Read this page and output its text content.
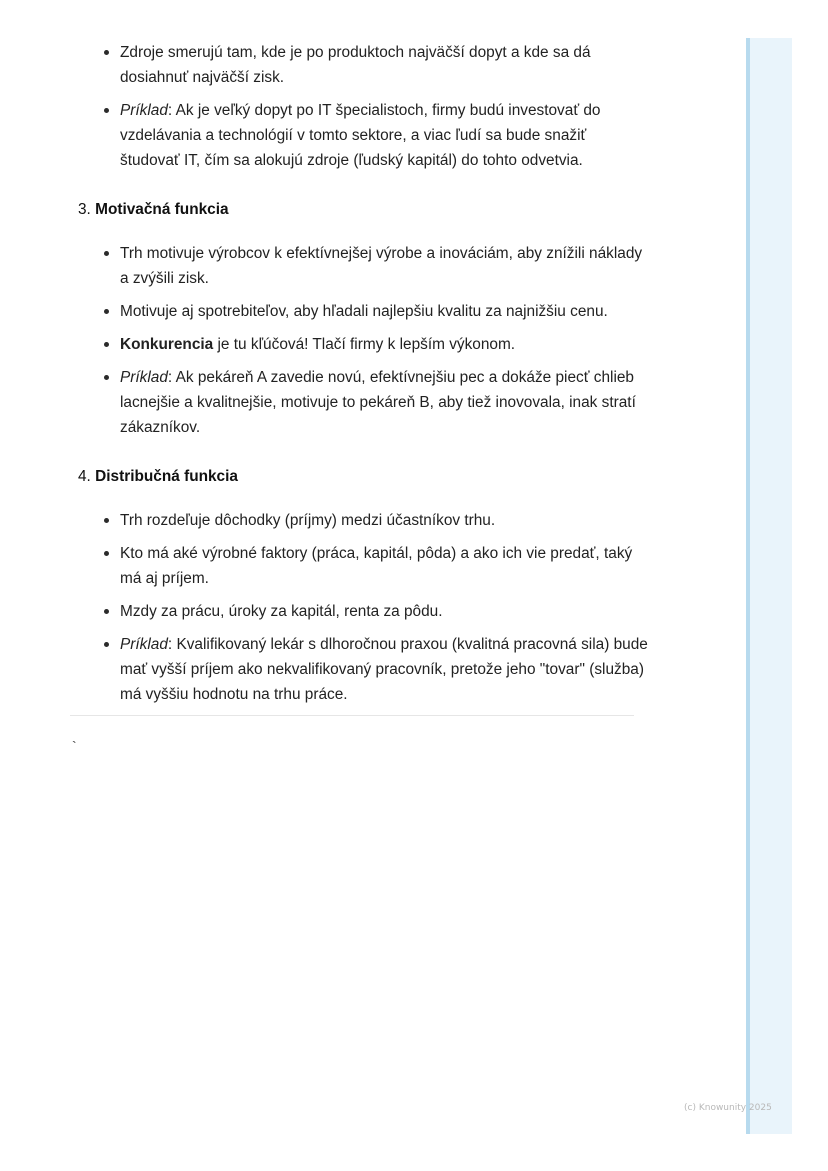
Zdroje smerujú tam, kde je po produktoch najväčší dopyt a kde sa dá dosiahnuť najväčší zisk.
Príklad: Ak je veľký dopyt po IT špecialistoch, firmy budú investovať do vzdelávania a technológií v tomto sektore, a viac ľudí sa bude snažiť študovať IT, čím sa alokujú zdroje (ľudský kapitál) do tohto odvetvia.
3. Motivačná funkcia
Trh motivuje výrobcov k efektívnejšej výrobe a inováciám, aby znížili náklady a zvýšili zisk.
Motivuje aj spotrebiteľov, aby hľadali najlepšiu kvalitu za najnižšiu cenu.
Konkurencia je tu kľúčová! Tlačí firmy k lepším výkonom.
Príklad: Ak pekáreň A zavedie novú, efektívnejšiu pec a dokáže piecť chlieb lacnejšie a kvalitnejšie, motivuje to pekáreň B, aby tiež inovovala, inak stratí zákazníkov.
4. Distribučná funkcia
Trh rozdeľuje dôchodky (príjmy) medzi účastníkov trhu.
Kto má aké výrobné faktory (práca, kapitál, pôda) a ako ich vie predať, taký má aj príjem.
Mzdy za prácu, úroky za kapitál, renta za pôdu.
Príklad: Kvalifikovaný lekár s dlhoročnou praxou (kvalitná pracovná sila) bude mať vyšší príjem ako nekvalifikovaný pracovník, pretože jeho "tovar" (služba) má vyššiu hodnotu na trhu práce.
`
(c) Knowunity 2025
